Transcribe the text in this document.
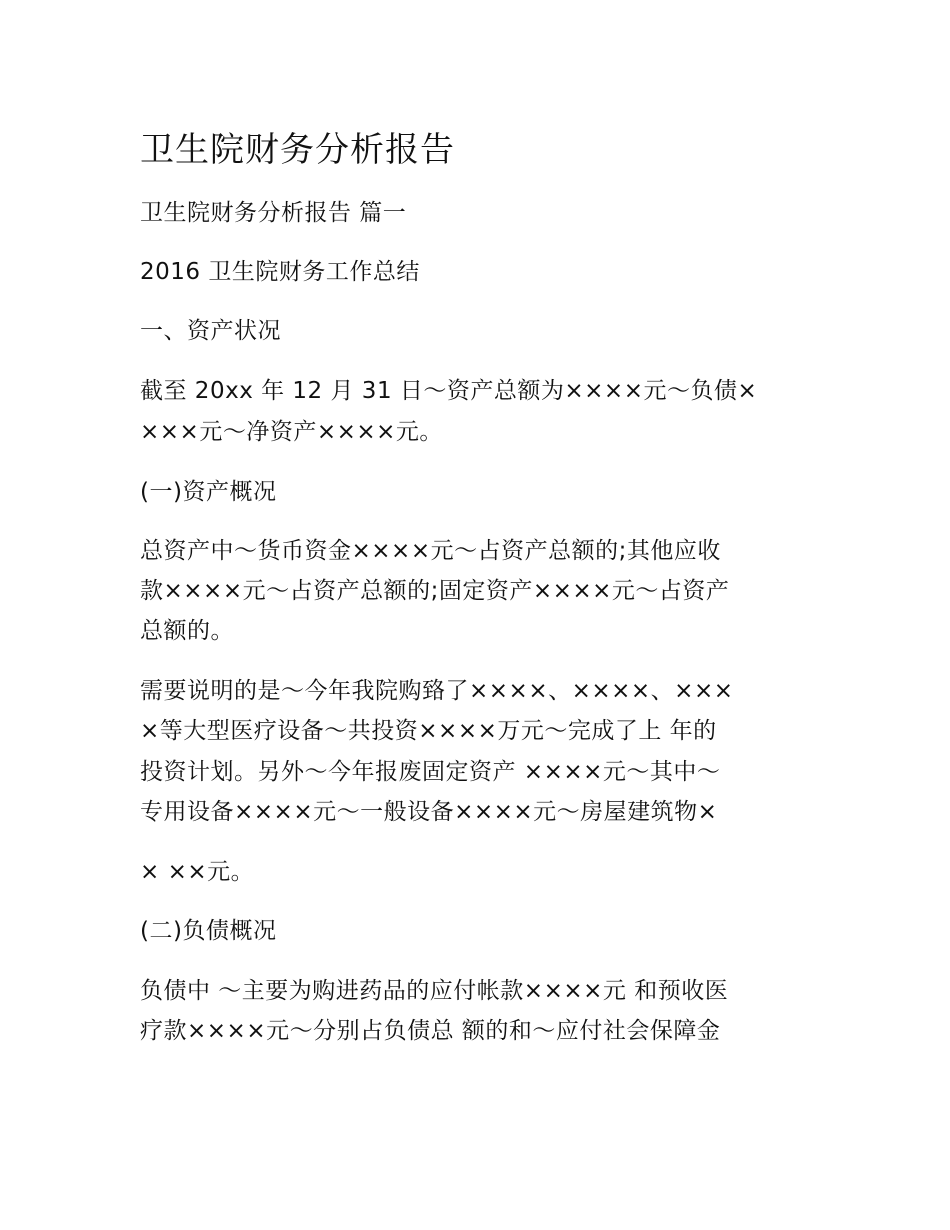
卫生院财务分析报告

卫生院财务分析报告 篇一

2016 卫生院财务工作总结

一、资产状况

截至 20xx 年 12 月 31 日～资产总额为××××元～负债×

×××元～净资产××××元。

(一)资产概况

总资产中～货币资金××××元～占资产总额的;其他应收

款××××元～占资产总额的;固定资产××××元～占资产

总额的。

需要说明的是～今年我院购臵了××××、××××、×××

×等大型医疗设备～共投资××××万元～完成了上 年的

投资计划。另外～今年报废固定资产 ××××元～其中～

专用设备××××元～一般设备××××元～房屋建筑物×

× ××元。

(二)负债概况

负债中 ～主要为购进药品的应付帐款××××元 和预收医

疗款××××元～分别占负债总 额的和～应付社会保障金
